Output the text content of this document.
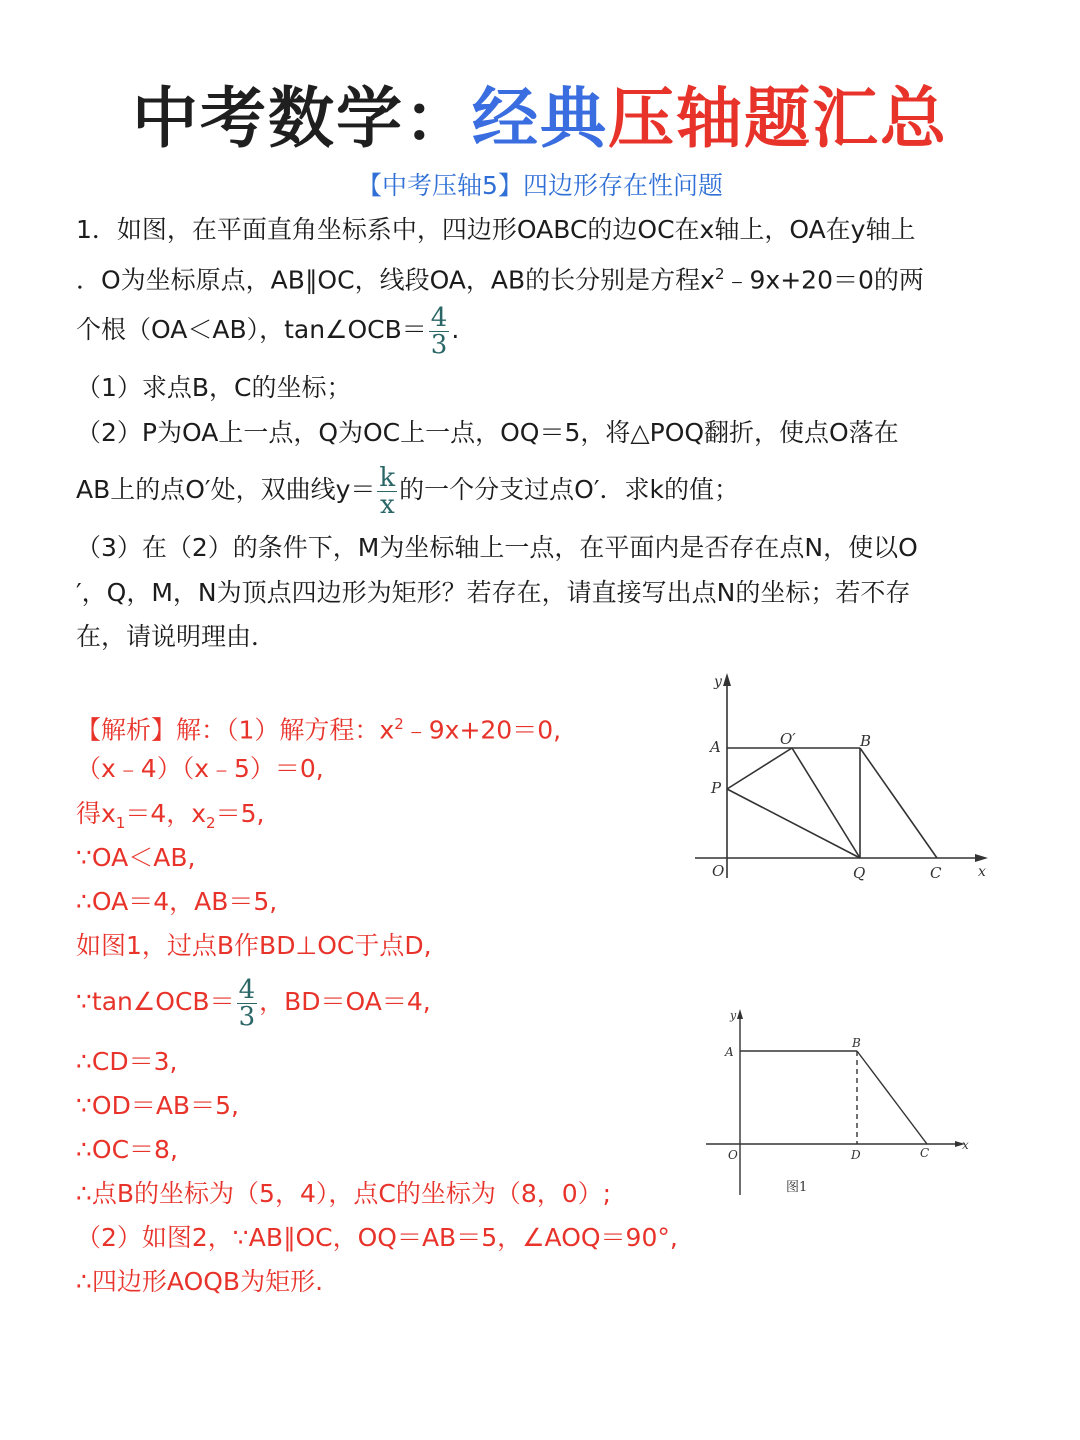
中考数学：经典压轴题汇总
【中考压轴5】四边形存在性问题
1．如图，在平面直角坐标系中，四边形OABC的边OC在x轴上，OA在y轴上
．O为坐标原点，AB∥OC，线段OA，AB的长分别是方程$x^2﹣9x+20=0$的两
个根（OA＜AB），tan∠OCB＝ $\frac{4}{3}$ .
（1）求点B，C的坐标；
（2）P为OA上一点，Q为OC上一点，OQ＝5，将△POQ翻折，使点O落在
AB上的点O′处，双曲线$y= \frac{k}{x}$ 的一个分支过点O′．求k的值；
（3）在（2）的条件下，M为坐标轴上一点，在平面内是否存在点N，使以O
′，Q，M，N为顶点四边形为矩形？若存在，请直接写出点N的坐标；若不存
在，请说明理由．
【解析】解：（1）解方程：$x^2﹣9x+20=0$,
（x﹣4）（x﹣5）＝0,
得$x_1=4$，$x_2=5$,
∵OA＜AB,
∴OA＝4，AB＝5,
如图1，过点B作BD⊥OC于点D,
∵tan∠OCB＝ $\frac{4}{3}$ ，BD＝OA＝4,
∴CD＝3,
∵OD＝AB＝5,
∴OC＝8,
∴点B的坐标为（5，4），点C的坐标为（8，0）;
（2）如图2，∵AB∥OC，OQ＝AB＝5，∠AOQ＝90°,
∴四边形AOQB为矩形.
y
x
A	O′	B
P
O	Q	C
y
x
A
B
O	D	C
图1
